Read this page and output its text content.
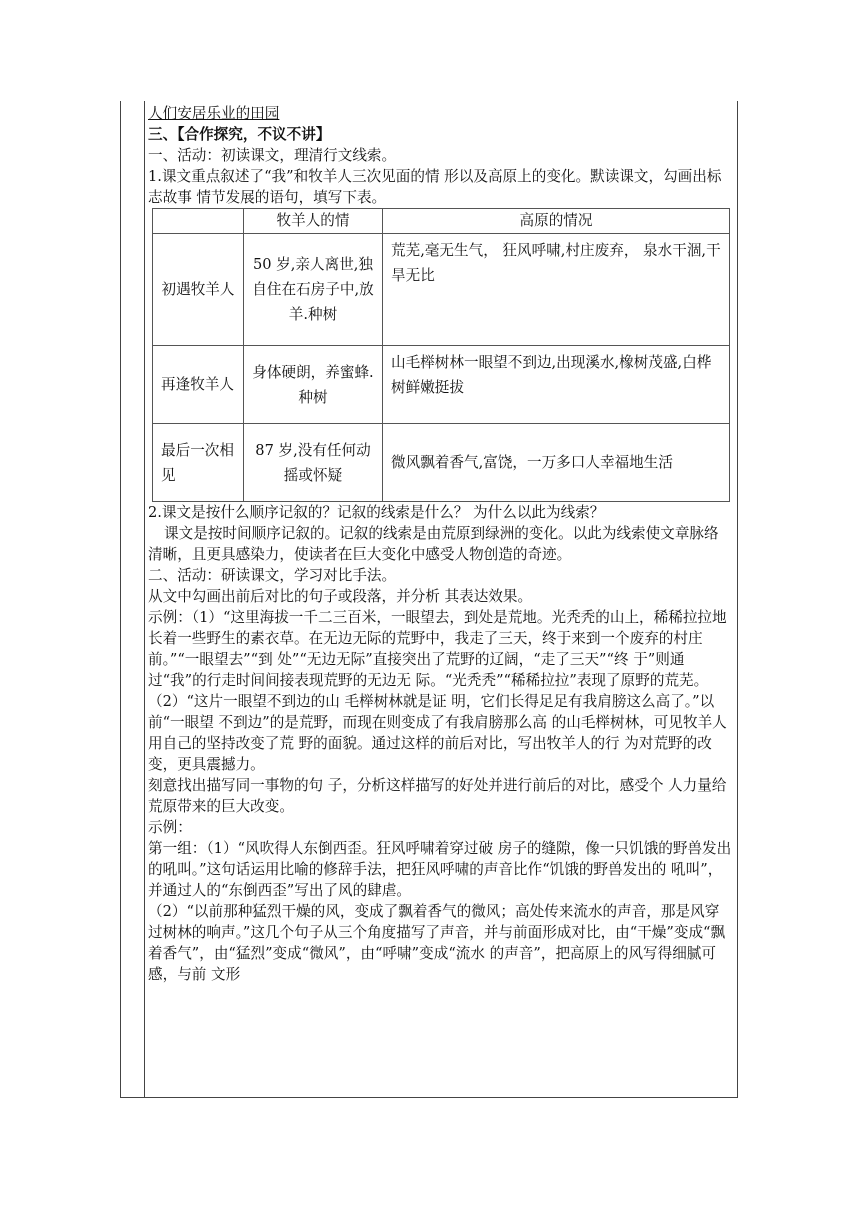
人们安居乐业的田园

三、【合作探究，不议不讲】

一、活动：初读课文，理清行文线索。

1.课文重点叙述了“我”和牧羊人三次见面的情 形以及高原上的变化。默读课文，勾画出标志故事 情节发展的语句，填写下表。

	牧羊人的情	高原的情况
初遇牧羊人	50 岁,亲人离世,独自住在石房子中,放羊.种树	荒芜,毫无生气， 狂风呼啸,村庄废弃， 泉水干涸,干旱无比
再逢牧羊人	身体硬朗，养蜜蜂.种树	山毛榉树林一眼望不到边,出现溪水,橡树茂盛,白桦树鲜嫩挺拔
最后一次相见	87 岁,没有任何动摇或怀疑	微风飘着香气,富饶，一万多口人幸福地生活

2.课文是按什么顺序记叙的？记叙的线索是什么？ 为什么以此为线索？

课文是按时间顺序记叙的。记叙的线索是由荒原到绿洲的变化。以此为线索使文章脉络清晰，且更具感染力，使读者在巨大变化中感受人物创造的奇迹。

二、活动：研读课文，学习对比手法。

从文中勾画出前后对比的句子或段落，并分析 其表达效果。

示例：（1）“这里海拔一千二三百米，一眼望去，到处是荒地。光秃秃的山上，稀稀拉拉地长着一些野生的素衣草。在无边无际的荒野中，我走了三天，终于来到一个废弃的村庄前。”“一眼望去”“到 处”“无边无际”直接突出了荒野的辽阔，“走了三天”“终 于”则通过“我”的行走时间间接表现荒野的无边无 际。“光秃秃”“稀稀拉拉”表现了原野的荒芜。

（2）“这片一眼望不到边的山 毛榉树林就是证 明，它们长得足足有我肩膀这么高了。”以前“一眼望 不到边”的是荒野，而现在则变成了有我肩膀那么高 的山毛榉树林，可见牧羊人用自己的坚持改变了荒 野的面貌。通过这样的前后对比，写出牧羊人的行 为对荒野的改变，更具震撼力。

刻意找出描写同一事物的句 子，分析这样描写的好处并进行前后的对比，感受个 人力量给荒原带来的巨大改变。

示例：

第一组：（1）“风吹得人东倒西歪。狂风呼啸着穿过破 房子的缝隙，像一只饥饿的野兽发出的吼叫。”这句话运用比喻的修辞手法，把狂风呼啸的声音比作“饥饿的野兽发出的 吼叫”，并通过人的“东倒西歪”写出了风的肆虐。

（2）“以前那种猛烈干燥的风，变成了飘着香气的微风；高处传来流水的声音，那是风穿过树林的响声。”这几个句子从三个角度描写了声音，并与前面形成对比，由“干燥”变成“飘着香气”，由“猛烈”变成“微风”，由“呼啸”变成“流水 的声音”，把高原上的风写得细腻可感，与前 文形
